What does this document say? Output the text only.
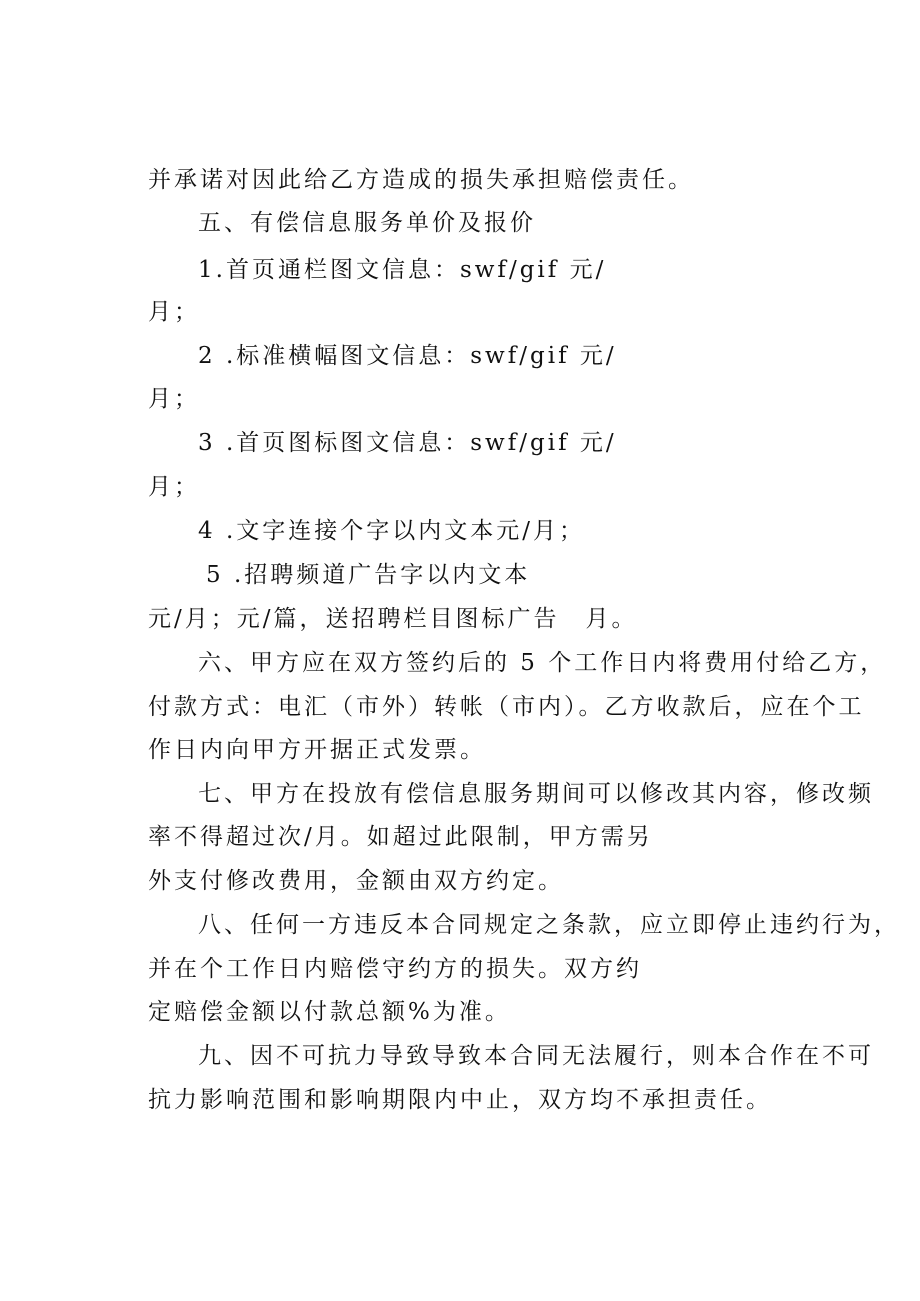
并承诺对因此给乙方造成的损失承担赔偿责任。
五、有偿信息服务单价及报价
1.首页通栏图文信息：swf/gif 元/
月；
2 .标准横幅图文信息：swf/gif 元/
月；
3 .首页图标图文信息：swf/gif 元/
月；
4 .文字连接个字以内文本元/月；
5 .招聘频道广告字以内文本
元/月；元/篇，送招聘栏目图标广告　月。
六、甲方应在双方签约后的 5 个工作日内将费用付给乙方，
付款方式：电汇（市外）转帐（市内）。乙方收款后，应在个工
作日内向甲方开据正式发票。
七、甲方在投放有偿信息服务期间可以修改其内容，修改频
率不得超过次/月。如超过此限制，甲方需另
外支付修改费用，金额由双方约定。
八、任何一方违反本合同规定之条款，应立即停止违约行为，
并在个工作日内赔偿守约方的损失。双方约
定赔偿金额以付款总额%为准。
九、因不可抗力导致导致本合同无法履行，则本合作在不可
抗力影响范围和影响期限内中止，双方均不承担责任。
